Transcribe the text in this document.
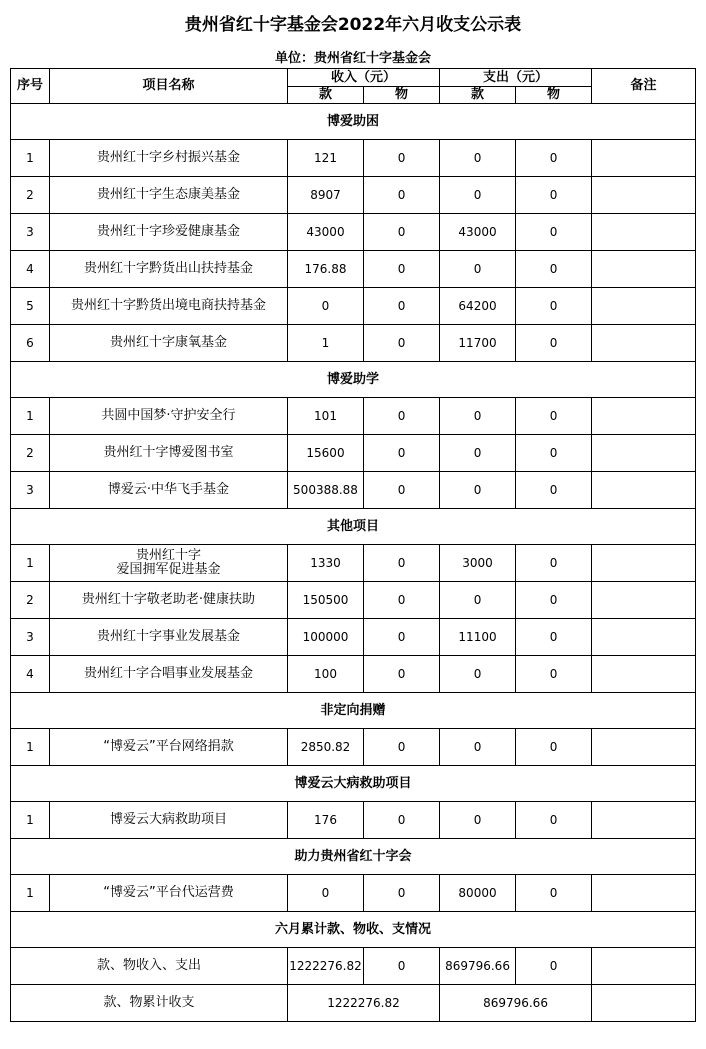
贵州省红十字基金会2022年六月收支公示表
单位：贵州省红十字基金会
序号	项目名称	收入（元）		支出（元）		备注
		款	物	款	物	
博爱助困						
1	贵州红十字乡村振兴基金	121	0	0	0	
2	贵州红十字生态康美基金	8907	0	0	0	
3	贵州红十字珍爱健康基金	43000	0	43000	0	
4	贵州红十字黔货出山扶持基金	176.88	0	0	0	
5	贵州红十字黔货出境电商扶持基金	0	0	64200	0	
6	贵州红十字康氧基金	1	0	11700	0	
博爱助学						
1	共圆中国梦·守护安全行	101	0	0	0	
2	贵州红十字博爱图书室	15600	0	0	0	
3	博爱云·中华飞手基金	500388.88	0	0	0	
其他项目						
1	贵州红十字
爱国拥军促进基金	1330	0	3000	0	
2	贵州红十字敬老助老·健康扶助	150500	0	0	0	
3	贵州红十字事业发展基金	100000	0	11100	0	
4	贵州红十字合唱事业发展基金	100	0	0	0	
非定向捐赠						
1	“博爱云”平台网络捐款	2850.82	0	0	0	
博爱云大病救助项目						
1	博爱云大病救助项目	176	0	0	0	
助力贵州省红十字会						
1	“博爱云”平台代运营费	0	0	80000	0	
六月累计款、物收、支情况						
款、物收入、支出		1222276.82	0	869796.66	0	
款、物累计收支		1222276.82		869796.66		
